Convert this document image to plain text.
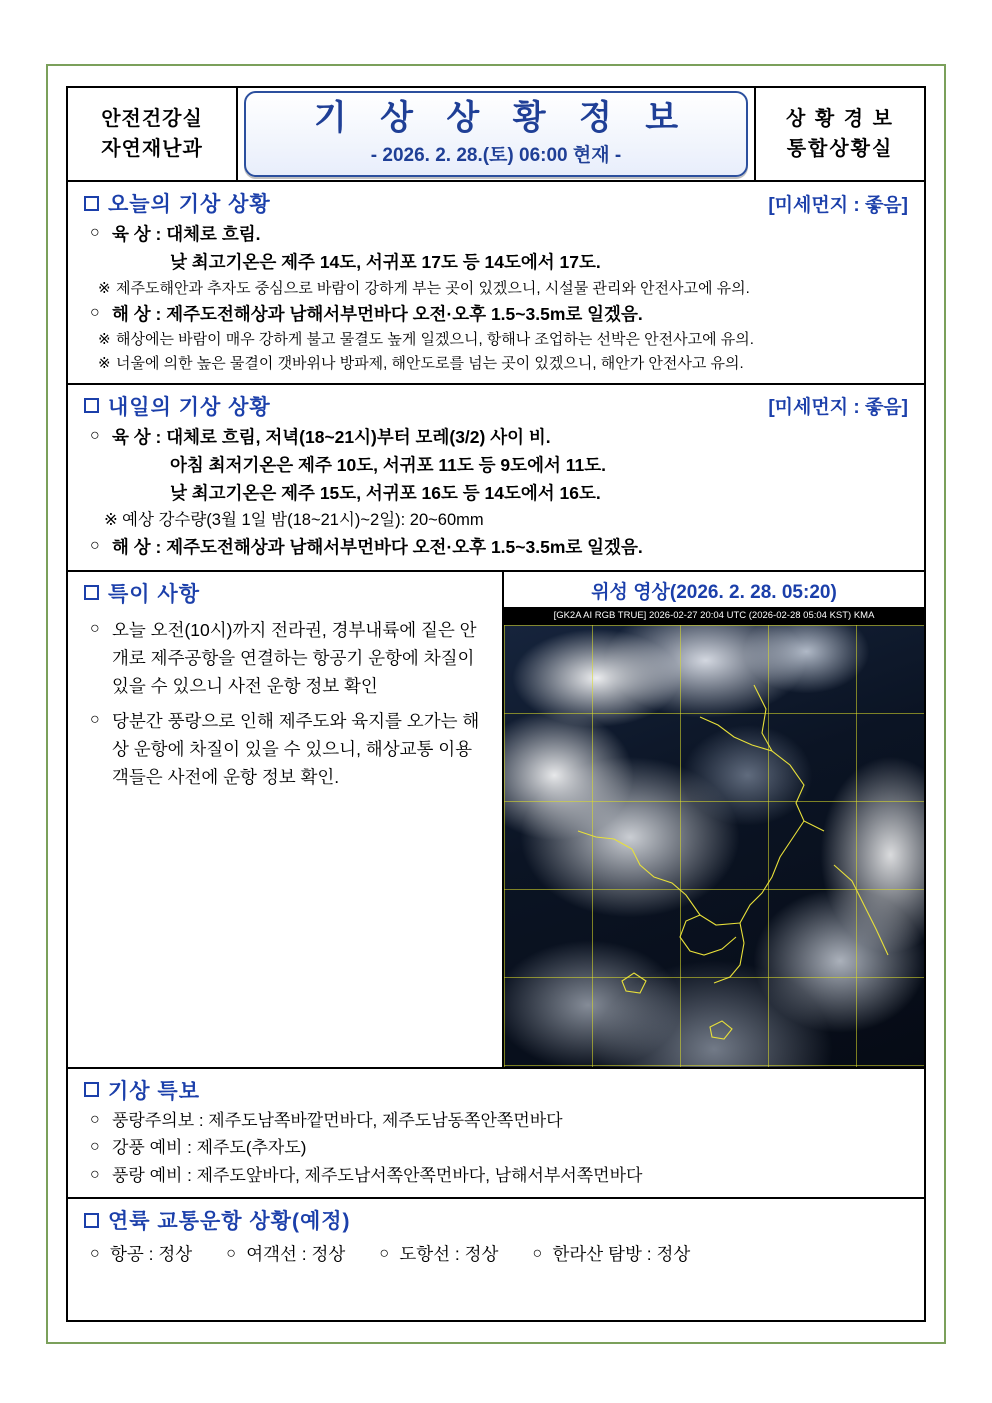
안전건강실
자연재난과
기 상 상 황 정 보
- 2026. 2. 28.(토) 06:00 현재 -
상 황 경 보
통합상황실
오늘의 기상 상황	[미세먼지 : 좋음]
○ 육 상 : 대체로 흐림.
낮 최고기온은 제주 14도, 서귀포 17도 등 14도에서 17도.
※ 제주도해안과 추자도 중심으로 바람이 강하게 부는 곳이 있겠으니, 시설물 관리와 안전사고에 유의.
○ 해 상 : 제주도전해상과 남해서부먼바다 오전·오후 1.5~3.5m로 일겠음.
※ 해상에는 바람이 매우 강하게 불고 물결도 높게 일겠으니, 항해나 조업하는 선박은 안전사고에 유의.
※ 너울에 의한 높은 물결이 갯바위나 방파제, 해안도로를 넘는 곳이 있겠으니, 해안가 안전사고 유의.
내일의 기상 상황	[미세먼지 : 좋음]
○ 육 상 : 대체로 흐림, 저녁(18~21시)부터 모레(3/2) 사이 비.
아침 최저기온은 제주 10도, 서귀포 11도 등 9도에서 11도.
낮 최고기온은 제주 15도, 서귀포 16도 등 14도에서 16도.
※ 예상 강수량(3월 1일 밤(18~21시)~2일): 20~60mm
○ 해 상 : 제주도전해상과 남해서부먼바다 오전·오후 1.5~3.5m로 일겠음.
특이 사항
○ 오늘 오전(10시)까지 전라권, 경부내륙에 짙은 안개로 제주공항을 연결하는 항공기 운항에 차질이 있을 수 있으니 사전 운항 정보 확인
○ 당분간 풍랑으로 인해 제주도와 육지를 오가는 해상 운항에 차질이 있을 수 있으니, 해상교통 이용객들은 사전에 운항 정보 확인.
위성 영상(2026. 2. 28. 05:20)
[GK2A AI RGB TRUE] 2026-02-27 20:04 UTC (2026-02-28 05:04 KST) KMA
기상 특보
○ 풍랑주의보 : 제주도남쪽바깥먼바다, 제주도남동쪽안쪽먼바다
○ 강풍 예비 : 제주도(추자도)
○ 풍랑 예비 : 제주도앞바다, 제주도남서쪽안쪽먼바다, 남해서부서쪽먼바다
연륙 교통운항 상황(예정)
○ 항공 : 정상 ○ 여객선 : 정상 ○ 도항선 : 정상 ○ 한라산 탐방 : 정상
